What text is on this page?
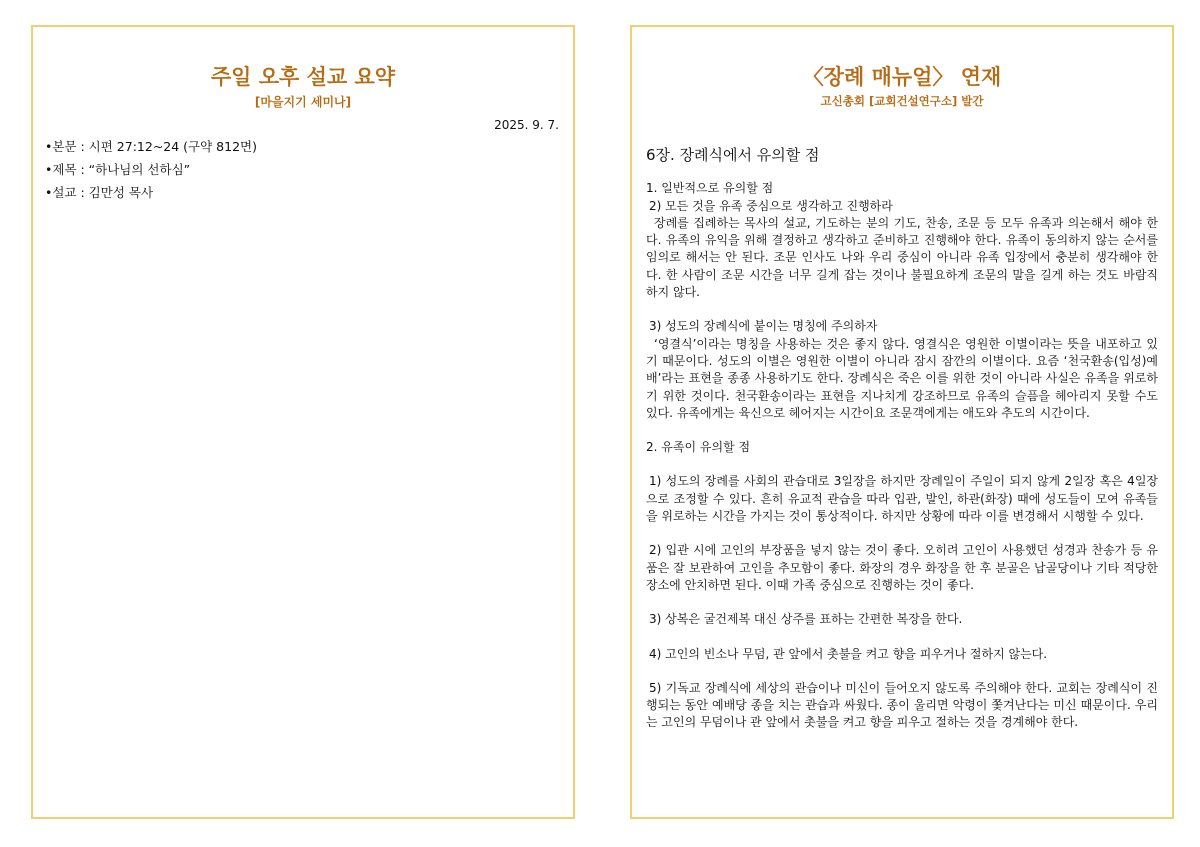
주일 오후 설교 요약
[마을지기 세미나]
2025. 9. 7.
•본문 : 시편 27:12~24 (구약 812면)
•제목 : “하나님의 선하심”
•설교 : 김만성 목사
〈장례 매뉴얼〉 연재
고신총회 [교회건설연구소] 발간
6장. 장례식에서 유의할 점

1. 일반적으로 유의할 점

2) 모든 것을 유족 중심으로 생각하고 진행하라

장례를 집례하는 목사의 설교, 기도하는 분의 기도, 찬송, 조문 등 모두 유족과 의논해서 해야 한다. 유족의 유익을 위해 결정하고 생각하고 준비하고 진행해야 한다. 유족이 동의하지 않는 순서를 임의로 해서는 안 된다. 조문 인사도 나와 우리 중심이 아니라 유족 입장에서 충분히 생각해야 한다. 한 사람이 조문 시간을 너무 길게 잡는 것이나 불필요하게 조문의 말을 길게 하는 것도 바람직하지 않다.

3) 성도의 장례식에 붙이는 명칭에 주의하자

‘영결식’이라는 명칭을 사용하는 것은 좋지 않다. 영결식은 영원한 이별이라는 뜻을 내포하고 있기 때문이다. 성도의 이별은 영원한 이별이 아니라 잠시 잠깐의 이별이다. 요즘 ‘천국환송(입성)예배’라는 표현을 종종 사용하기도 한다. 장례식은 죽은 이를 위한 것이 아니라 사실은 유족을 위로하기 위한 것이다. 천국환송이라는 표현을 지나치게 강조하므로 유족의 슬픔을 헤아리지 못할 수도 있다. 유족에게는 육신으로 헤어지는 시간이요 조문객에게는 애도와 추도의 시간이다.

2. 유족이 유의할 점

1) 성도의 장례를 사회의 관습대로 3일장을 하지만 장례일이 주일이 되지 않게 2일장 혹은 4일장으로 조정할 수 있다. 흔히 유교적 관습을 따라 입관, 발인, 하관(화장) 때에 성도들이 모여 유족들을 위로하는 시간을 가지는 것이 통상적이다. 하지만 상황에 따라 이를 변경해서 시행할 수 있다.

2) 입관 시에 고인의 부장품을 넣지 않는 것이 좋다. 오히려 고인이 사용했던 성경과 찬송가 등 유품은 잘 보관하여 고인을 추모함이 좋다. 화장의 경우 화장을 한 후 분골은 납골당이나 기타 적당한 장소에 안치하면 된다. 이때 가족 중심으로 진행하는 것이 좋다.

3) 상복은 굴건제복 대신 상주를 표하는 간편한 복장을 한다.

4) 고인의 빈소나 무덤, 관 앞에서 촛불을 켜고 향을 피우거나 절하지 않는다.

5) 기독교 장례식에 세상의 관습이나 미신이 들어오지 않도록 주의해야 한다. 교회는 장례식이 진행되는 동안 예배당 종을 치는 관습과 싸웠다. 종이 울리면 악령이 쫓겨난다는 미신 때문이다. 우리는 고인의 무덤이나 관 앞에서 촛불을 켜고 향을 피우고 절하는 것을 경계해야 한다.
